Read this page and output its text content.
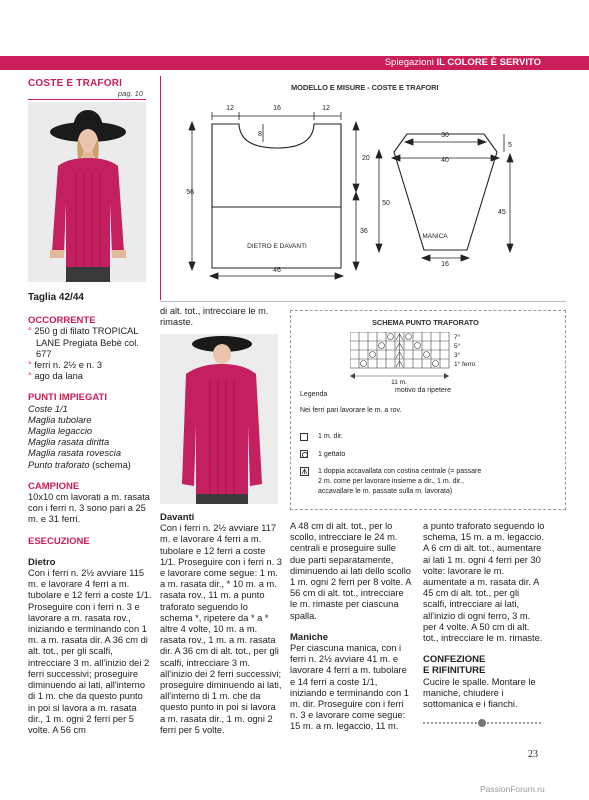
Spiegazioni IL COLORE È SERVITO
COSTE E TRAFORI
pag. 10
MODELLO E MISURE - COSTE E TRAFORI
12	16	12
8
20
36
56
46
DIETRO E DAVANTI
30
40
5
50
45
16
MANICA

Taglia 42/44

OCCORRENTE

° 250 g di filato TROPICAL LANE Pregiata Bebè col. 677

° ferri n. 2½ e n. 3

° ago da lana

PUNTI IMPIEGATI

Coste 1/1

Maglia tubolare

Maglia legaccio

Maglia rasata diritta

Maglia rasata rovescia

Punto traforato (schema)

CAMPIONE

10x10 cm lavorati a m. rasata con i ferri n. 3 sono pari a 25 m. e 31 ferri.

ESECUZIONE

Dietro

Con i ferri n. 2½ avviare 115 m. e lavorare 4 ferri a m. tubolare e 12 ferri a coste 1/1. Proseguire con i ferri n. 3 e lavorare a m. rasata rov., iniziando e terminando con 1 m. a m. rasata dir. A 36 cm di alt. tot., per gli scalfi, intrecciare 3 m. all'inizio dei 2 ferri successivi; proseguire diminuendo ai lati, all'interno di 1 m. che da questo punto in poi si lavora a m. rasata dir., 1 m. ogni 2 ferri per 5 volte. A 56 cm

di alt. tot., intrecciare le m. rimaste.

Davanti

Con i ferri n. 2½ avviare 117 m. e lavorare 4 ferri a m. tubolare e 12 ferri a coste 1/1. Proseguire con i ferri n. 3 e lavorare come segue: 1 m. a m. rasata dir., * 10 m. a m. rasata rov., 11 m. a punto traforato seguendo lo schema *, ripetere da * a * altre 4 volte, 10 m. a m. rasata rov., 1 m. a m. rasata dir. A 36 cm di alt. tot., per gli scalfi, intrecciare 3 m. all'inizio dei 2 ferri successivi; proseguire diminuendo ai lati, all'interno di 1 m. che da questo punto in poi si lavora a m. rasata dir., 1 m. ogni 2 ferri per 5 volte.

SCHEMA PUNTO TRAFORATO
7°
5°
3°
1° ferro
11 m.
motivo da ripetere
Legenda
Nei ferri pari lavorare le m. a rov.
1 m. dir.
1 gettato
1 doppia accavallata con costina centrale (= passare
2 m. come per lavorare insieme a dir., 1 m. dir.,
accavallare le m. passate sulla m. lavorata)

A 48 cm di alt. tot., per lo scollo, intrecciare le 24 m. centrali e proseguire sulle due parti separatamente, diminuendo ai lati dello scollo 1 m. ogni 2 ferri per 8 volte. A 56 cm di alt. tot., intrecciare le m. rimaste per ciascuna spalla.

Maniche

Per ciascuna manica, con i ferri n. 2½ avviare 41 m. e lavorare 4 ferri a m. tubolare e 14 ferri a coste 1/1, iniziando e terminando con 1 m. dir. Proseguire con i ferri n. 3 e lavorare come segue: 15 m. a m. legaccio, 11 m.

a punto traforato seguendo lo schema, 15 m. a m. legaccio. A 6 cm di alt. tot., aumentare ai lati 1 m. ogni 4 ferri per 30 volte: lavorare le m. aumentate a m. rasata dir. A 45 cm di alt. tot., per gli scalfi, intrecciare ai lati, all'inizio di ogni ferro, 3 m. per 4 volte. A 50 cm di alt. tot., intrecciare le m. rimaste.

CONFEZIONE

E RIFINITURE

Cucire le spalle. Montare le maniche, chiudere i sottomanica e i fianchi.

23
PassionForum.ru
